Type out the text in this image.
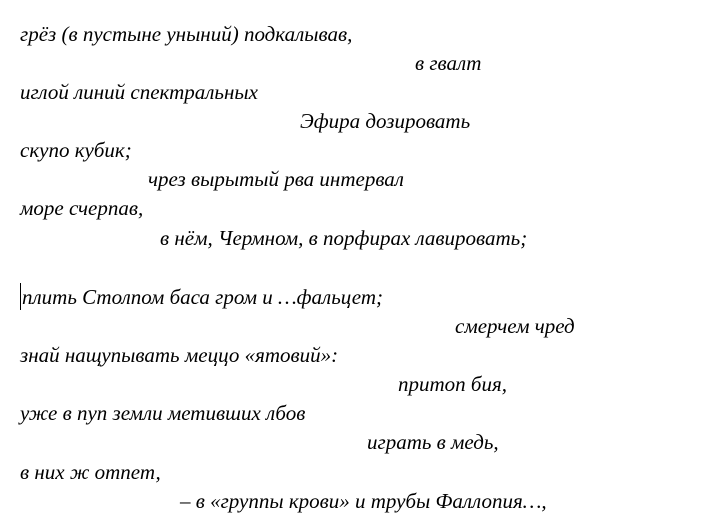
грёз (в пустыне уныний) подкалывав,
в гвалт
иглой линий спектральных
Эфира дозировать
скупо кубик;
чрез вырытый рва интервал
море счерпав,
в нём, Чермном, в порфирах лавировать;
плить Столпом баса гром и …фальцет;
смерчем чред
знай нащупывать меццо «ятовий»:
притоп бия,
уже в пуп земли метивших лбов
играть в медь,
в них ж отпет,
– в «группы крови» и трубы Фаллопия…,
